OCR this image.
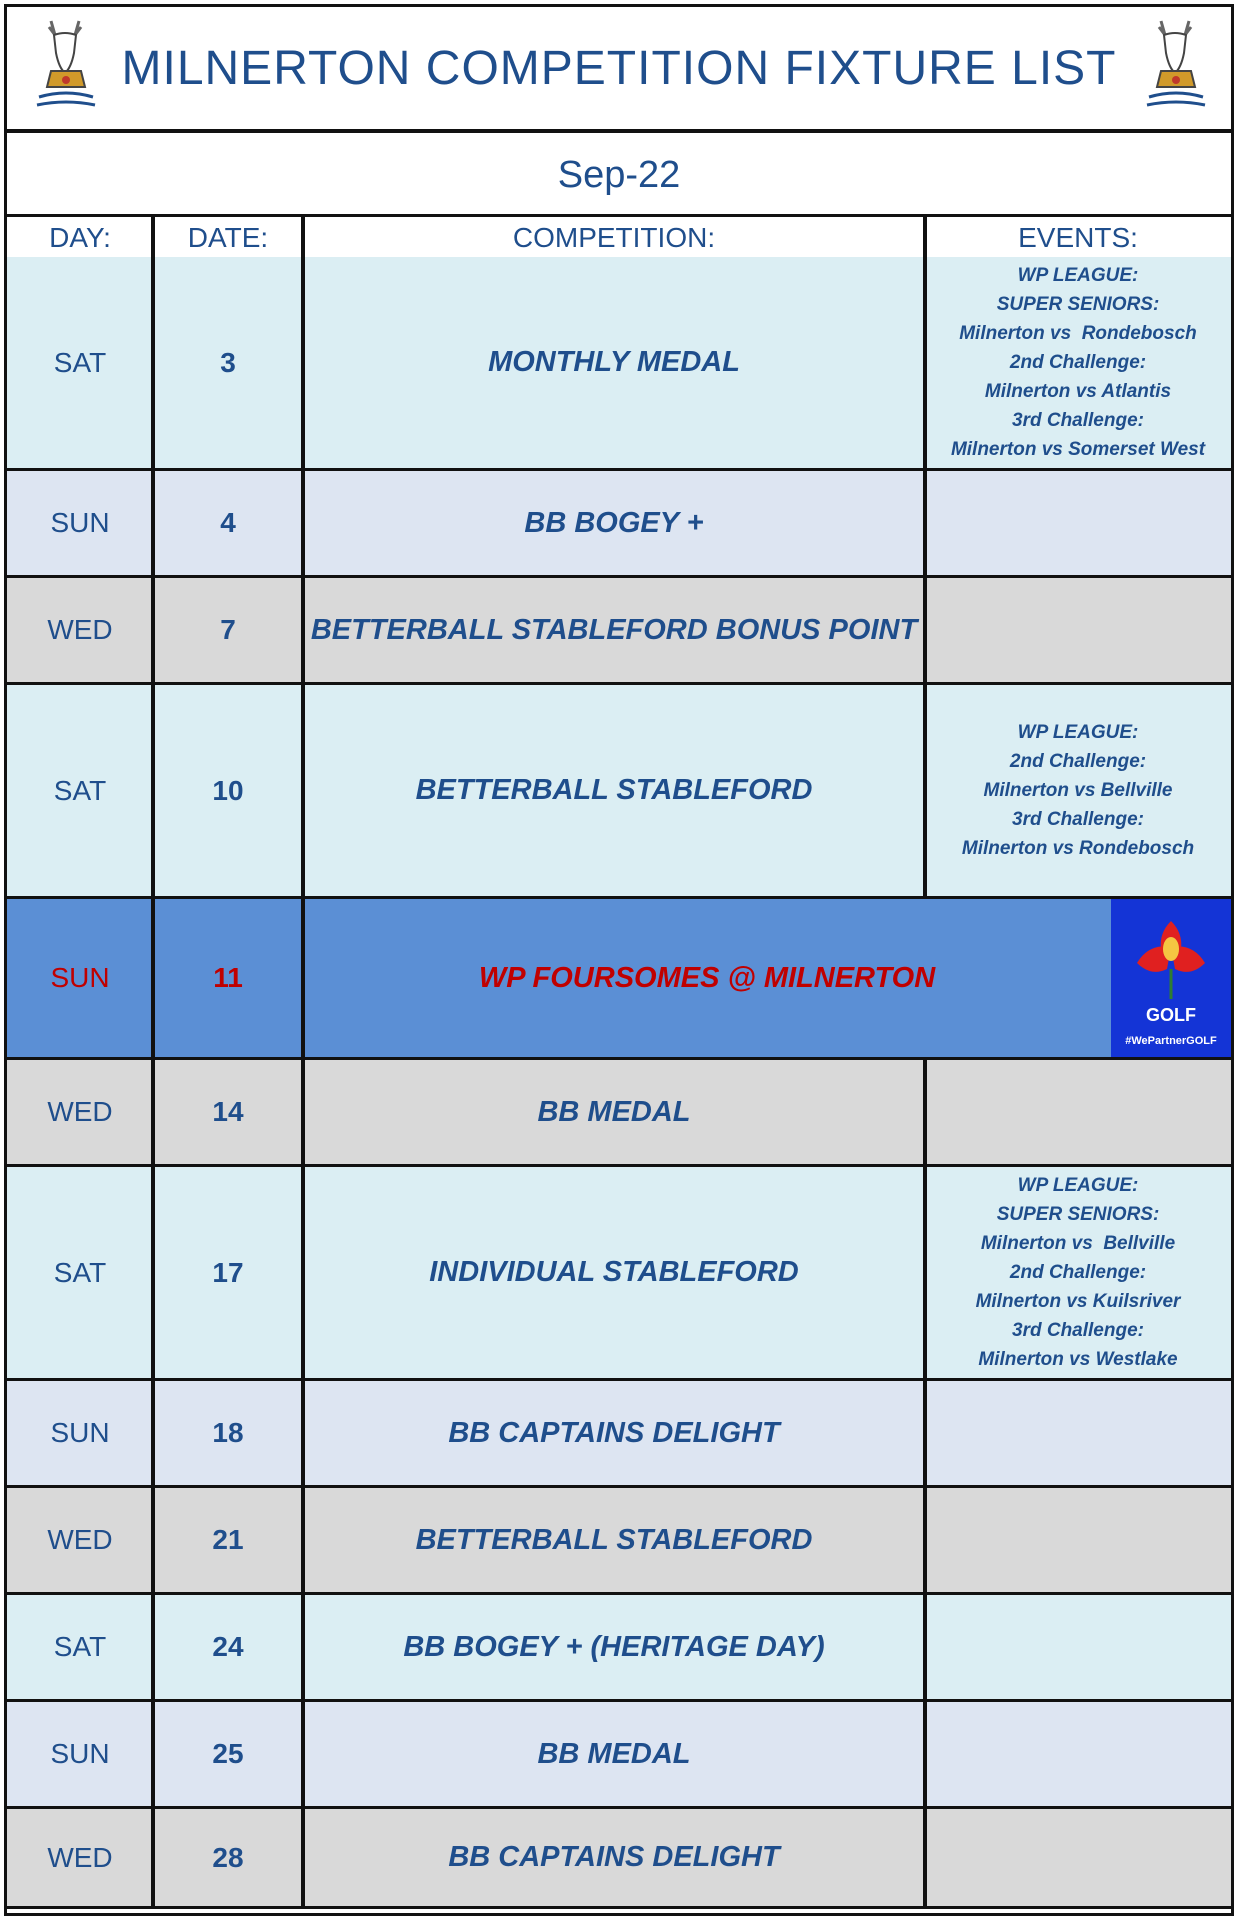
MILNERTON COMPETITION FIXTURE LIST
Sep-22
DAY:	DATE:	COMPETITION:	EVENTS:
SAT	3	MONTHLY MEDAL
WP LEAGUE:
SUPER SENIORS:
Milnerton vs  Rondebosch
2nd Challenge:
Milnerton vs Atlantis
3rd Challenge:
Milnerton vs Somerset West
SUN	4	BB BOGEY +
WED	7	BETTERBALL STABLEFORD BONUS POINT
SAT	10	BETTERBALL STABLEFORD
WP LEAGUE:
2nd Challenge:
Milnerton vs Bellville
3rd Challenge:
Milnerton vs Rondebosch
SUN	11	WP FOURSOMES @ MILNERTON
GOLF
#WePartnerGOLF
WED	14	BB MEDAL
SAT	17	INDIVIDUAL STABLEFORD
WP LEAGUE:
SUPER SENIORS:
Milnerton vs  Bellville
2nd Challenge:
Milnerton vs Kuilsriver
3rd Challenge:
Milnerton vs Westlake
SUN	18	BB CAPTAINS DELIGHT
WED	21	BETTERBALL STABLEFORD
SAT	24	BB BOGEY + (HERITAGE DAY)
SUN	25	BB MEDAL
WED	28	BB CAPTAINS DELIGHT
